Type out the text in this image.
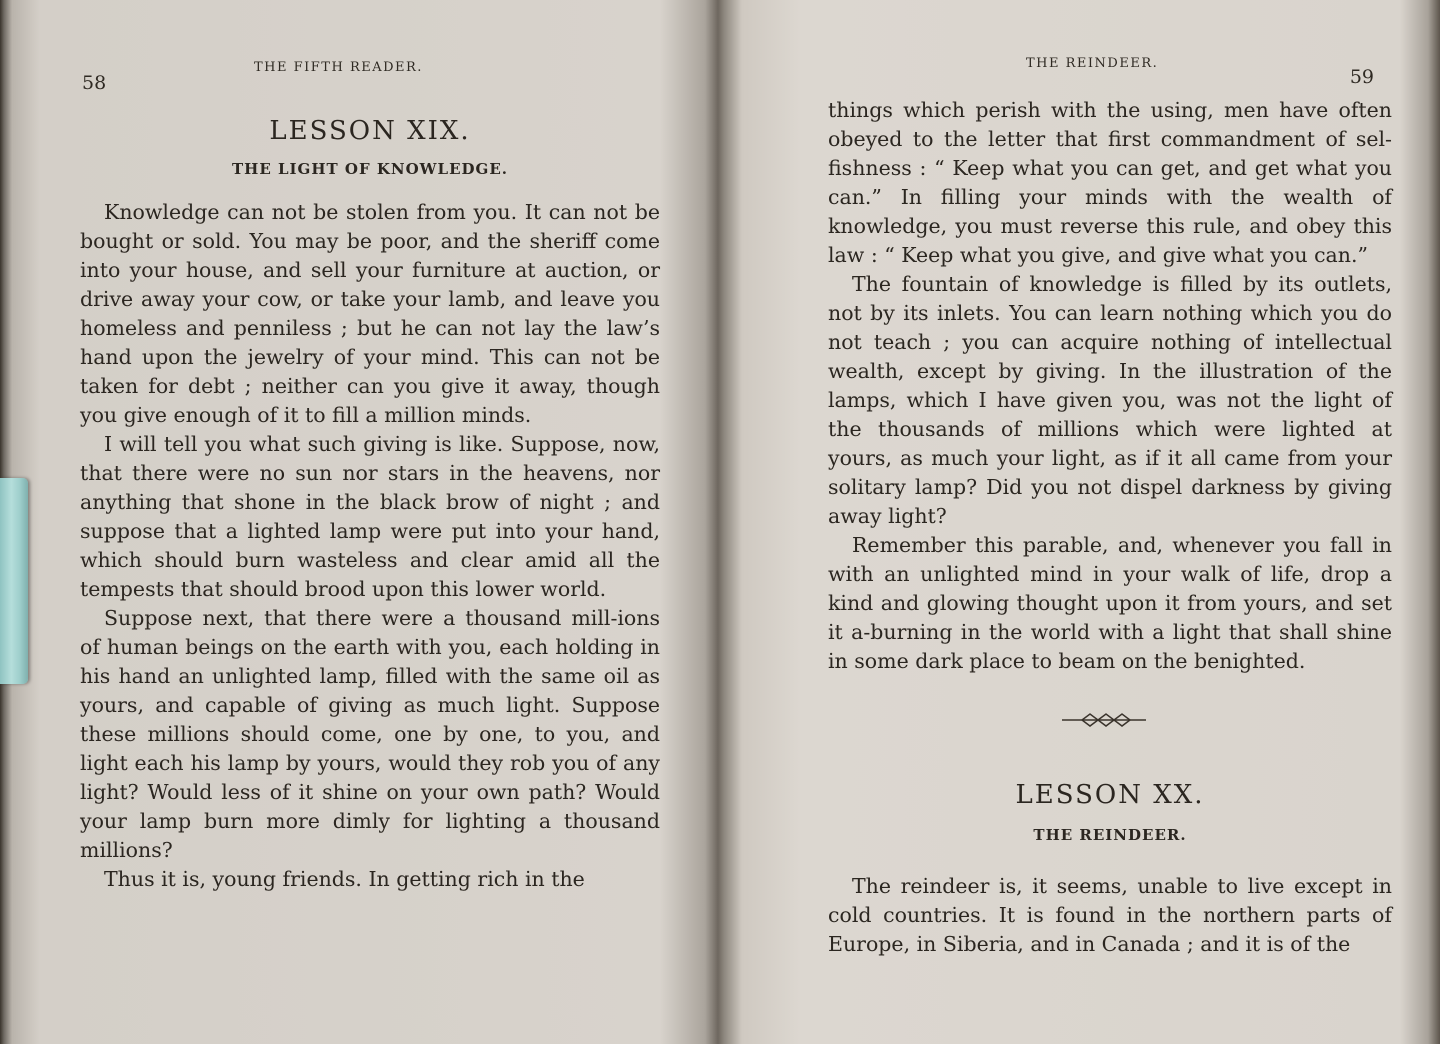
58
THE FIFTH READER.
LESSON XIX.
THE LIGHT OF KNOWLEDGE.

Knowledge can not be stolen from you. It can not be bought or sold. You may be poor, and the sheriff come into your house, and sell your furniture at auction, or drive away your cow, or take your lamb, and leave you homeless and penniless ; but he can not lay the law’s hand upon the jewelry of your mind. This can not be taken for debt ; neither can you give it away, though you give enough of it to fill a million minds.

I will tell you what such giving is like. Suppose, now, that there were no sun nor stars in the heavens, nor anything that shone in the black brow of night ; and suppose that a lighted lamp were put into your hand, which should burn wasteless and clear amid all the tempests that should brood upon this lower world.

Suppose next, that there were a thousand mill-ions of human beings on the earth with you, each holding in his hand an unlighted lamp, filled with the same oil as yours, and capable of giving as much light. Suppose these millions should come, one by one, to you, and light each his lamp by yours, would they rob you of any light? Would less of it shine on your own path? Would your lamp burn more dimly for lighting a thousand millions?

Thus it is, young friends. In getting rich in the

THE REINDEER.
59

things which perish with the using, men have often obeyed to the letter that first commandment of sel-fishness : “ Keep what you can get, and get what you can.” In filling your minds with the wealth of knowledge, you must reverse this rule, and obey this law : “ Keep what you give, and give what you can.”

The fountain of knowledge is filled by its outlets, not by its inlets. You can learn nothing which you do not teach ; you can acquire nothing of intellectual wealth, except by giving. In the illustration of the lamps, which I have given you, was not the light of the thousands of millions which were lighted at yours, as much your light, as if it all came from your solitary lamp? Did you not dispel darkness by giving away light?

Remember this parable, and, whenever you fall in with an unlighted mind in your walk of life, drop a kind and glowing thought upon it from yours, and set it a-burning in the world with a light that shall shine in some dark place to beam on the benighted.

LESSON XX.
THE REINDEER.

The reindeer is, it seems, unable to live except in cold countries. It is found in the northern parts of Europe, in Siberia, and in Canada ; and it is of the
